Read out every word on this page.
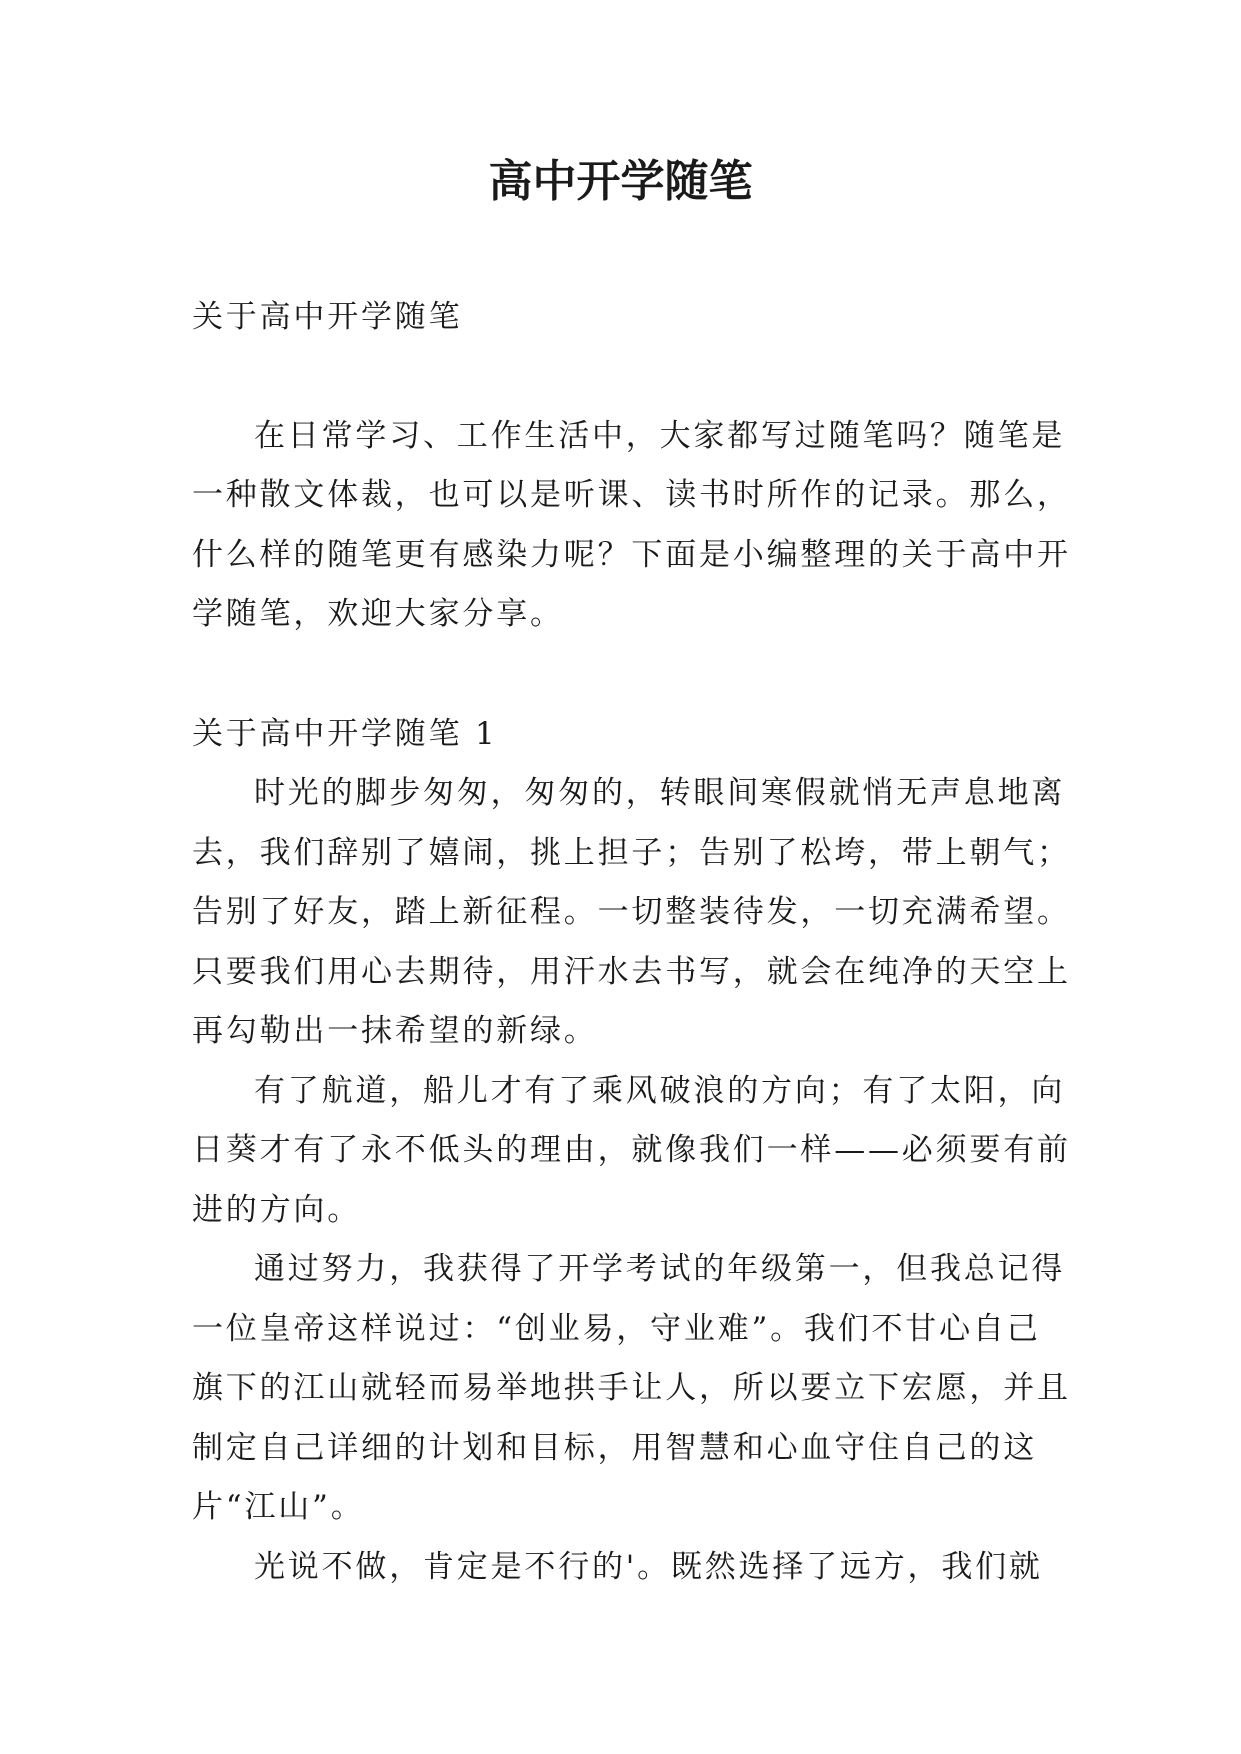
高中开学随笔

关于高中开学随笔

在日常学习、工作生活中，大家都写过随笔吗？随笔是一种散文体裁，也可以是听课、读书时所作的记录。那么，什么样的随笔更有感染力呢？下面是小编整理的关于高中开学随笔，欢迎大家分享。

关于高中开学随笔 1

时光的脚步匆匆，匆匆的，转眼间寒假就悄无声息地离去，我们辞别了嬉闹，挑上担子；告别了松垮，带上朝气；告别了好友，踏上新征程。一切整装待发，一切充满希望。只要我们用心去期待，用汗水去书写，就会在纯净的天空上再勾勒出一抹希望的新绿。

有了航道，船儿才有了乘风破浪的方向；有了太阳，向日葵才有了永不低头的理由，就像我们一样——必须要有前进的方向。

通过努力，我获得了开学考试的年级第一，但我总记得一位皇帝这样说过：“创业易，守业难”。我们不甘心自己旗下的江山就轻而易举地拱手让人，所以要立下宏愿，并且制定自己详细的计划和目标，用智慧和心血守住自己的这片“江山”。

光说不做，肯定是不行的'。既然选择了远方，我们就
